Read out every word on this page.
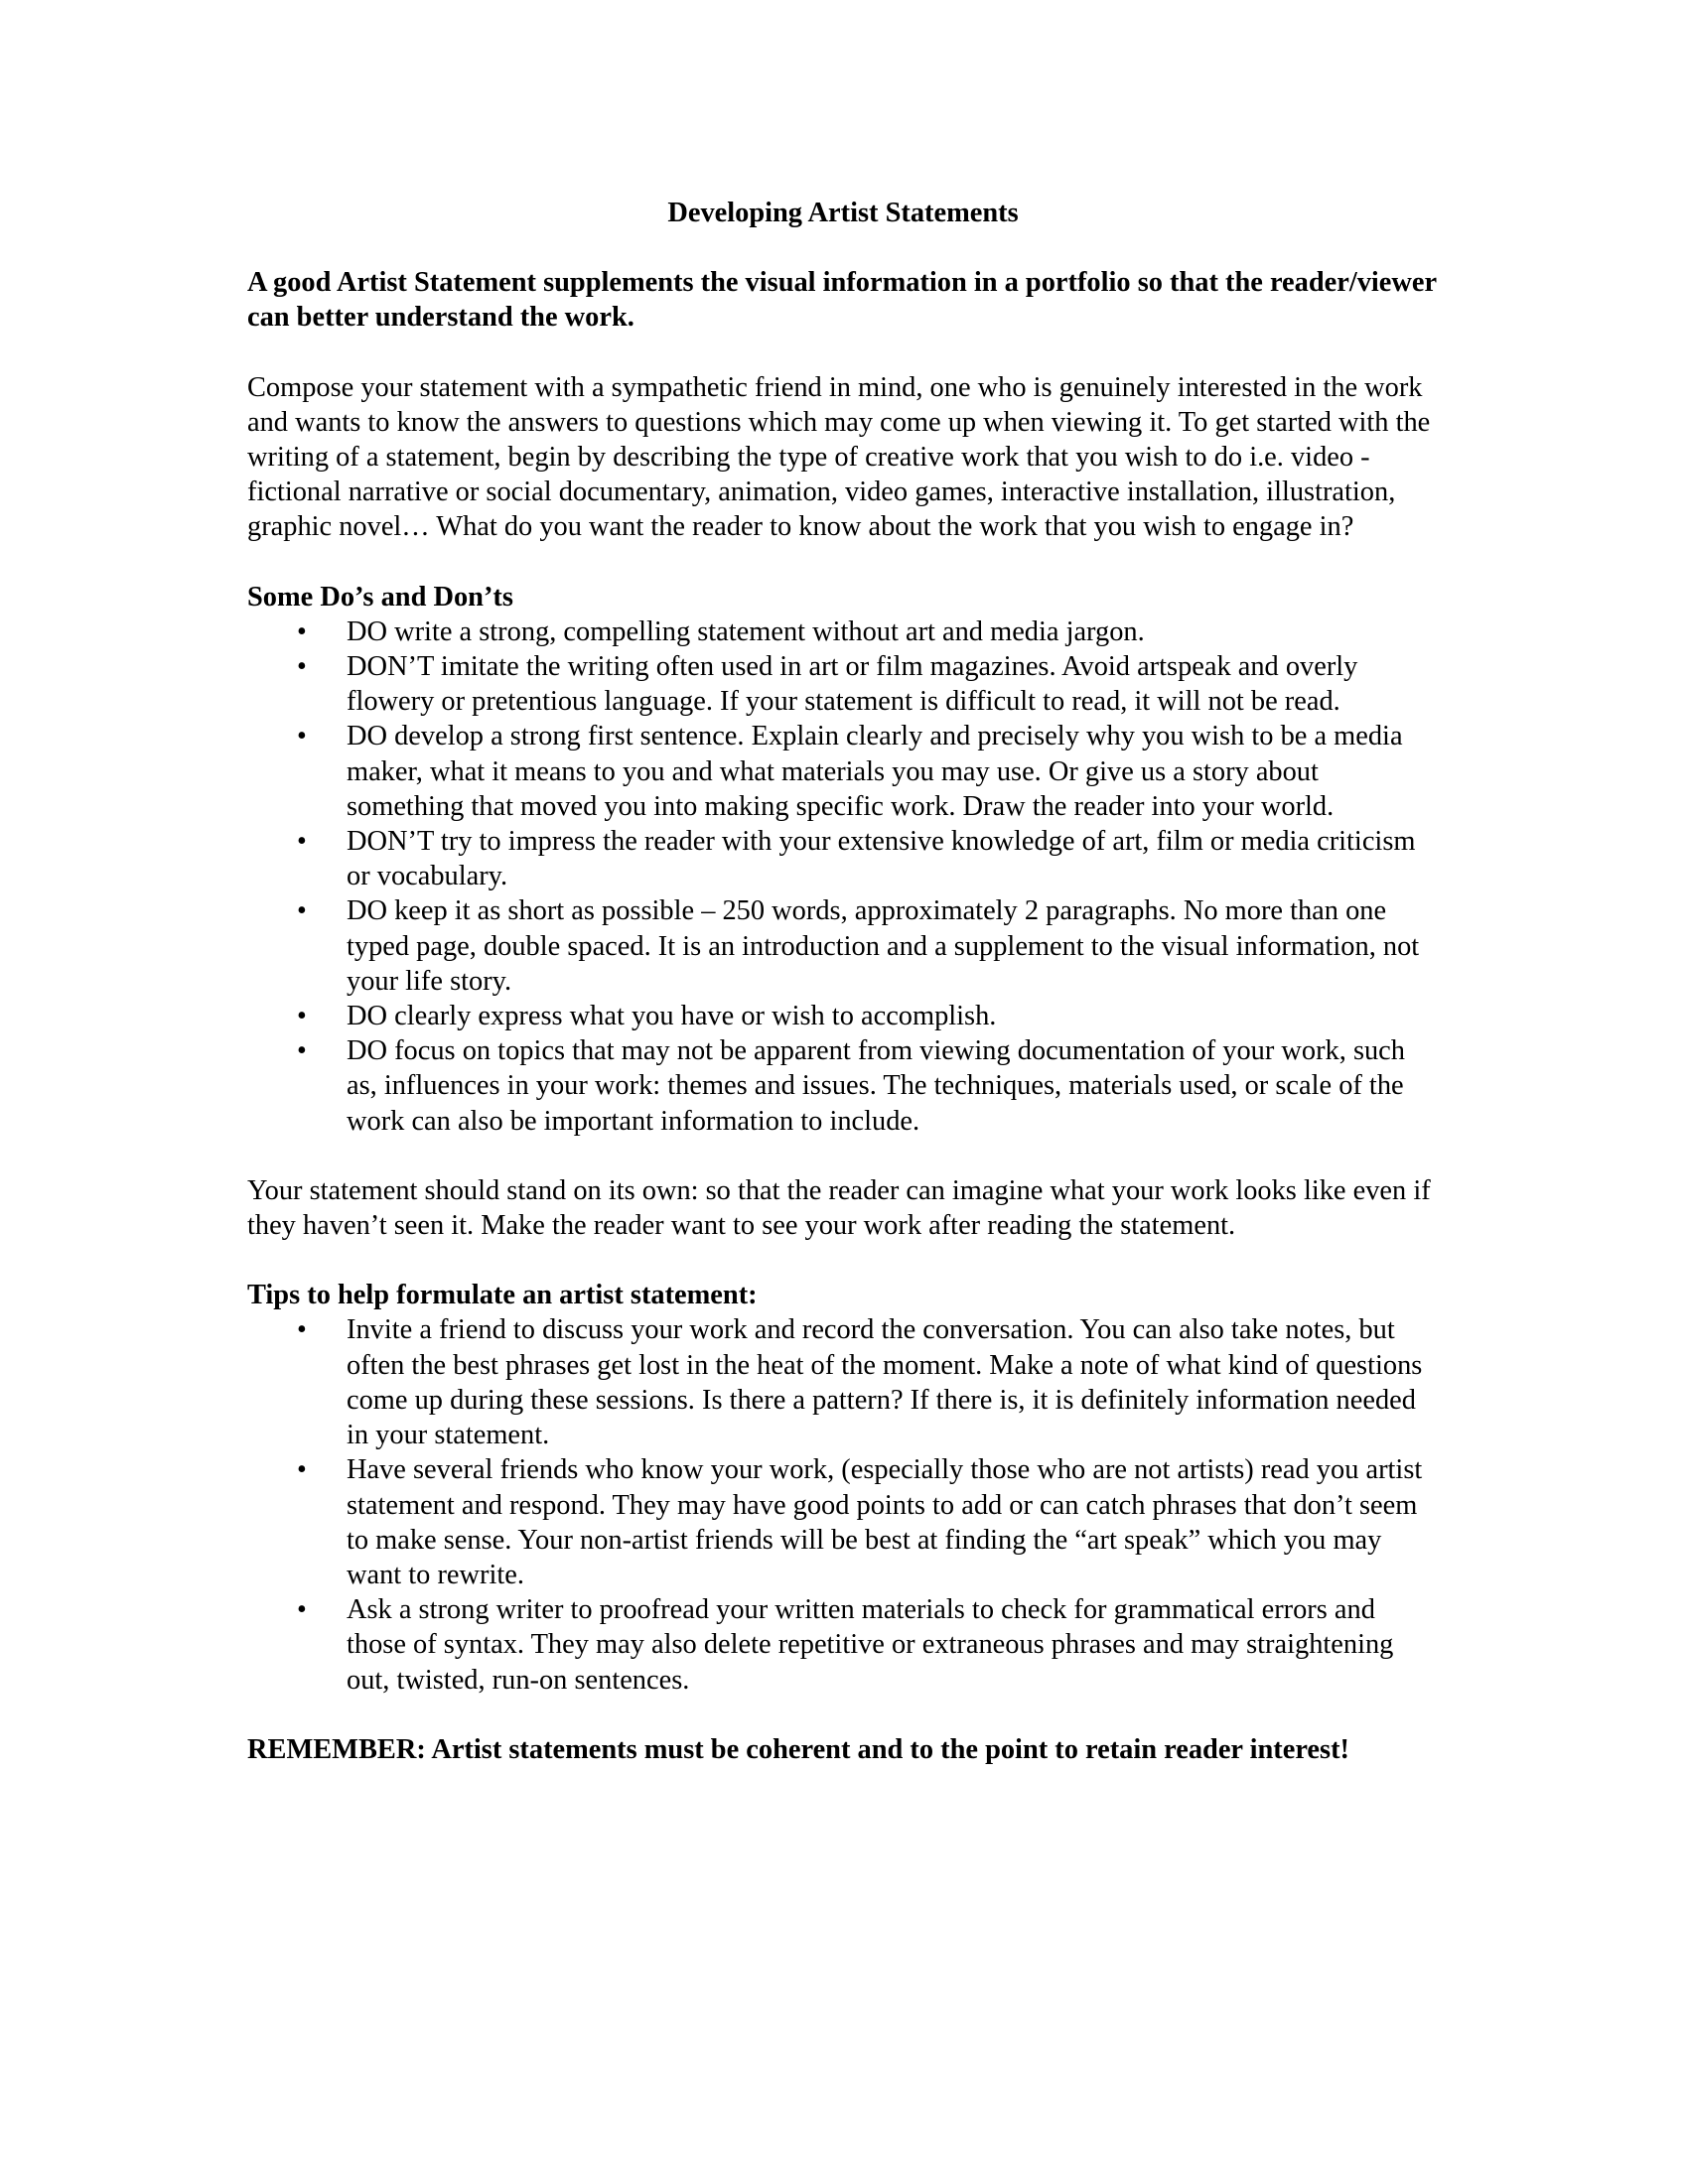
Developing Artist Statements

A good Artist Statement supplements the visual information in a portfolio so that the reader/viewer can better understand the work.

Compose your statement with a sympathetic friend in mind, one who is genuinely interested in the work and wants to know the answers to questions which may come up when viewing it. To get started with the writing of a statement, begin by describing the type of creative work that you wish to do i.e. video - fictional narrative or social documentary, animation, video games, interactive installation, illustration, graphic novel… What do you want the reader to know about the work that you wish to engage in?

Some Do’s and Don’ts

• DO write a strong, compelling statement without art and media jargon.
• DON’T imitate the writing often used in art or film magazines. Avoid artspeak and overly flowery or pretentious language. If your statement is difficult to read, it will not be read.
• DO develop a strong first sentence. Explain clearly and precisely why you wish to be a media maker, what it means to you and what materials you may use. Or give us a story about something that moved you into making specific work. Draw the reader into your world.
• DON’T try to impress the reader with your extensive knowledge of art, film or media criticism or vocabulary.
• DO keep it as short as possible – 250 words, approximately 2 paragraphs. No more than one typed page, double spaced. It is an introduction and a supplement to the visual information, not your life story.
• DO clearly express what you have or wish to accomplish.
• DO focus on topics that may not be apparent from viewing documentation of your work, such as, influences in your work: themes and issues. The techniques, materials used, or scale of the work can also be important information to include.

Your statement should stand on its own: so that the reader can imagine what your work looks like even if they haven’t seen it. Make the reader want to see your work after reading the statement.

Tips to help formulate an artist statement:

• Invite a friend to discuss your work and record the conversation. You can also take notes, but often the best phrases get lost in the heat of the moment. Make a note of what kind of questions come up during these sessions. Is there a pattern? If there is, it is definitely information needed in your statement.
• Have several friends who know your work, (especially those who are not artists) read you artist statement and respond. They may have good points to add or can catch phrases that don’t seem to make sense. Your non-artist friends will be best at finding the “art speak” which you may want to rewrite.
• Ask a strong writer to proofread your written materials to check for grammatical errors and those of syntax. They may also delete repetitive or extraneous phrases and may straightening out, twisted, run-on sentences.

REMEMBER: Artist statements must be coherent and to the point to retain reader interest!
